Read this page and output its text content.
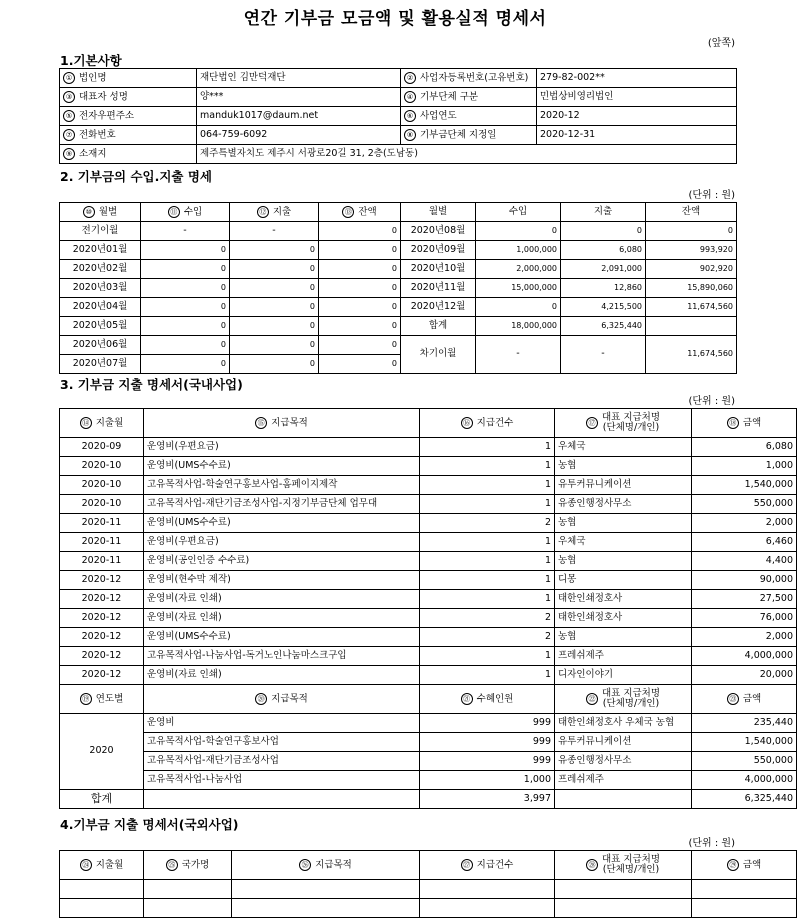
연간 기부금 모금액 및 활용실적 명세서
(앞쪽)
1.기본사항
① 법인명	재단법인 김만덕재단	② 사업자등록번호(고유번호)	279-82-002**
③ 대표자 성명	양***	④ 기부단체 구분	민법상비영리법인
⑤ 전자우편주소	manduk1017@daum.net	⑥ 사업연도	2020-12
⑦ 전화번호	064-759-6092	⑧ 기부금단체 지정일	2020-12-31
⑨ 소재지	제주특별자치도 제주시 서광로20길 31, 2층(도남동)		
2. 기부금의 수입.지출 명세
(단위 : 원)
⑩ 월별	⑪ 수입	⑫ 지출	⑬ 잔액	월별	수입	지출	잔액
전기이월	-	-	0	2020년08월	0	0	0
2020년01월	0	0	0	2020년09월	1,000,000	6,080	993,920
2020년02월	0	0	0	2020년10월	2,000,000	2,091,000	902,920
2020년03월	0	0	0	2020년11월	15,000,000	12,860	15,890,060
2020년04월	0	0	0	2020년12월	0	4,215,500	11,674,560
2020년05월	0	0	0	합계	18,000,000	6,325,440	
2020년06월	0	0	0	차기이월	-	-	11,674,560
2020년07월	0	0	0				
3. 기부금 지출 명세서(국내사업)
(단위 : 원)
⑭ 지출월	⑮ 지급목적	⑯ 지급건수	⑰ 대표 지급처명
(단체명/개인)	⑱ 금액
2020-09	운영비(우편요금)	1	우체국	6,080
2020-10	운영비(UMS수수료)	1	농협	1,000
2020-10	고유목적사업-학술연구홍보사업-홈페이지제작	1	유투커뮤니케이션	1,540,000
2020-10	고유목적사업-재단기금조성사업-지정기부금단체 업무대	1	유종인행정사무소	550,000
2020-11	운영비(UMS수수료)	2	농협	2,000
2020-11	운영비(우편요금)	1	우체국	6,460
2020-11	운영비(공인인증 수수료)	1	농협	4,400
2020-12	운영비(현수막 제작)	1	디몽	90,000
2020-12	운영비(자료 인쇄)	1	태한인쇄정호사	27,500
2020-12	운영비(자료 인쇄)	2	태한인쇄정호사	76,000
2020-12	운영비(UMS수수료)	2	농협	2,000
2020-12	고유목적사업-나눔사업-독거노인나눔마스크구입	1	프레쉬제주	4,000,000
2020-12	운영비(자료 인쇄)	1	디자인이야기	20,000
⑲ 연도별	⑳ 지급목적	㉑ 수혜인원	㉒ 대표 지급처명
(단체명/개인)	㉓ 금액
2020	운영비	999	태한인쇄정호사 우체국 농협	235,440
	고유목적사업-학술연구홍보사업	999	유투커뮤니케이션	1,540,000
	고유목적사업-재단기금조성사업	999	유종인행정사무소	550,000
	고유목적사업-나눔사업	1,000	프레쉬제주	4,000,000
합계		3,997		6,325,440
4.기부금 지출 명세서(국외사업)
(단위 : 원)
㉔ 지출월	㉕ 국가명	㉖ 지급목적	㉗ 지급건수	㉘ 대표 지급처명
(단체명/개인)	㉙ 금액
